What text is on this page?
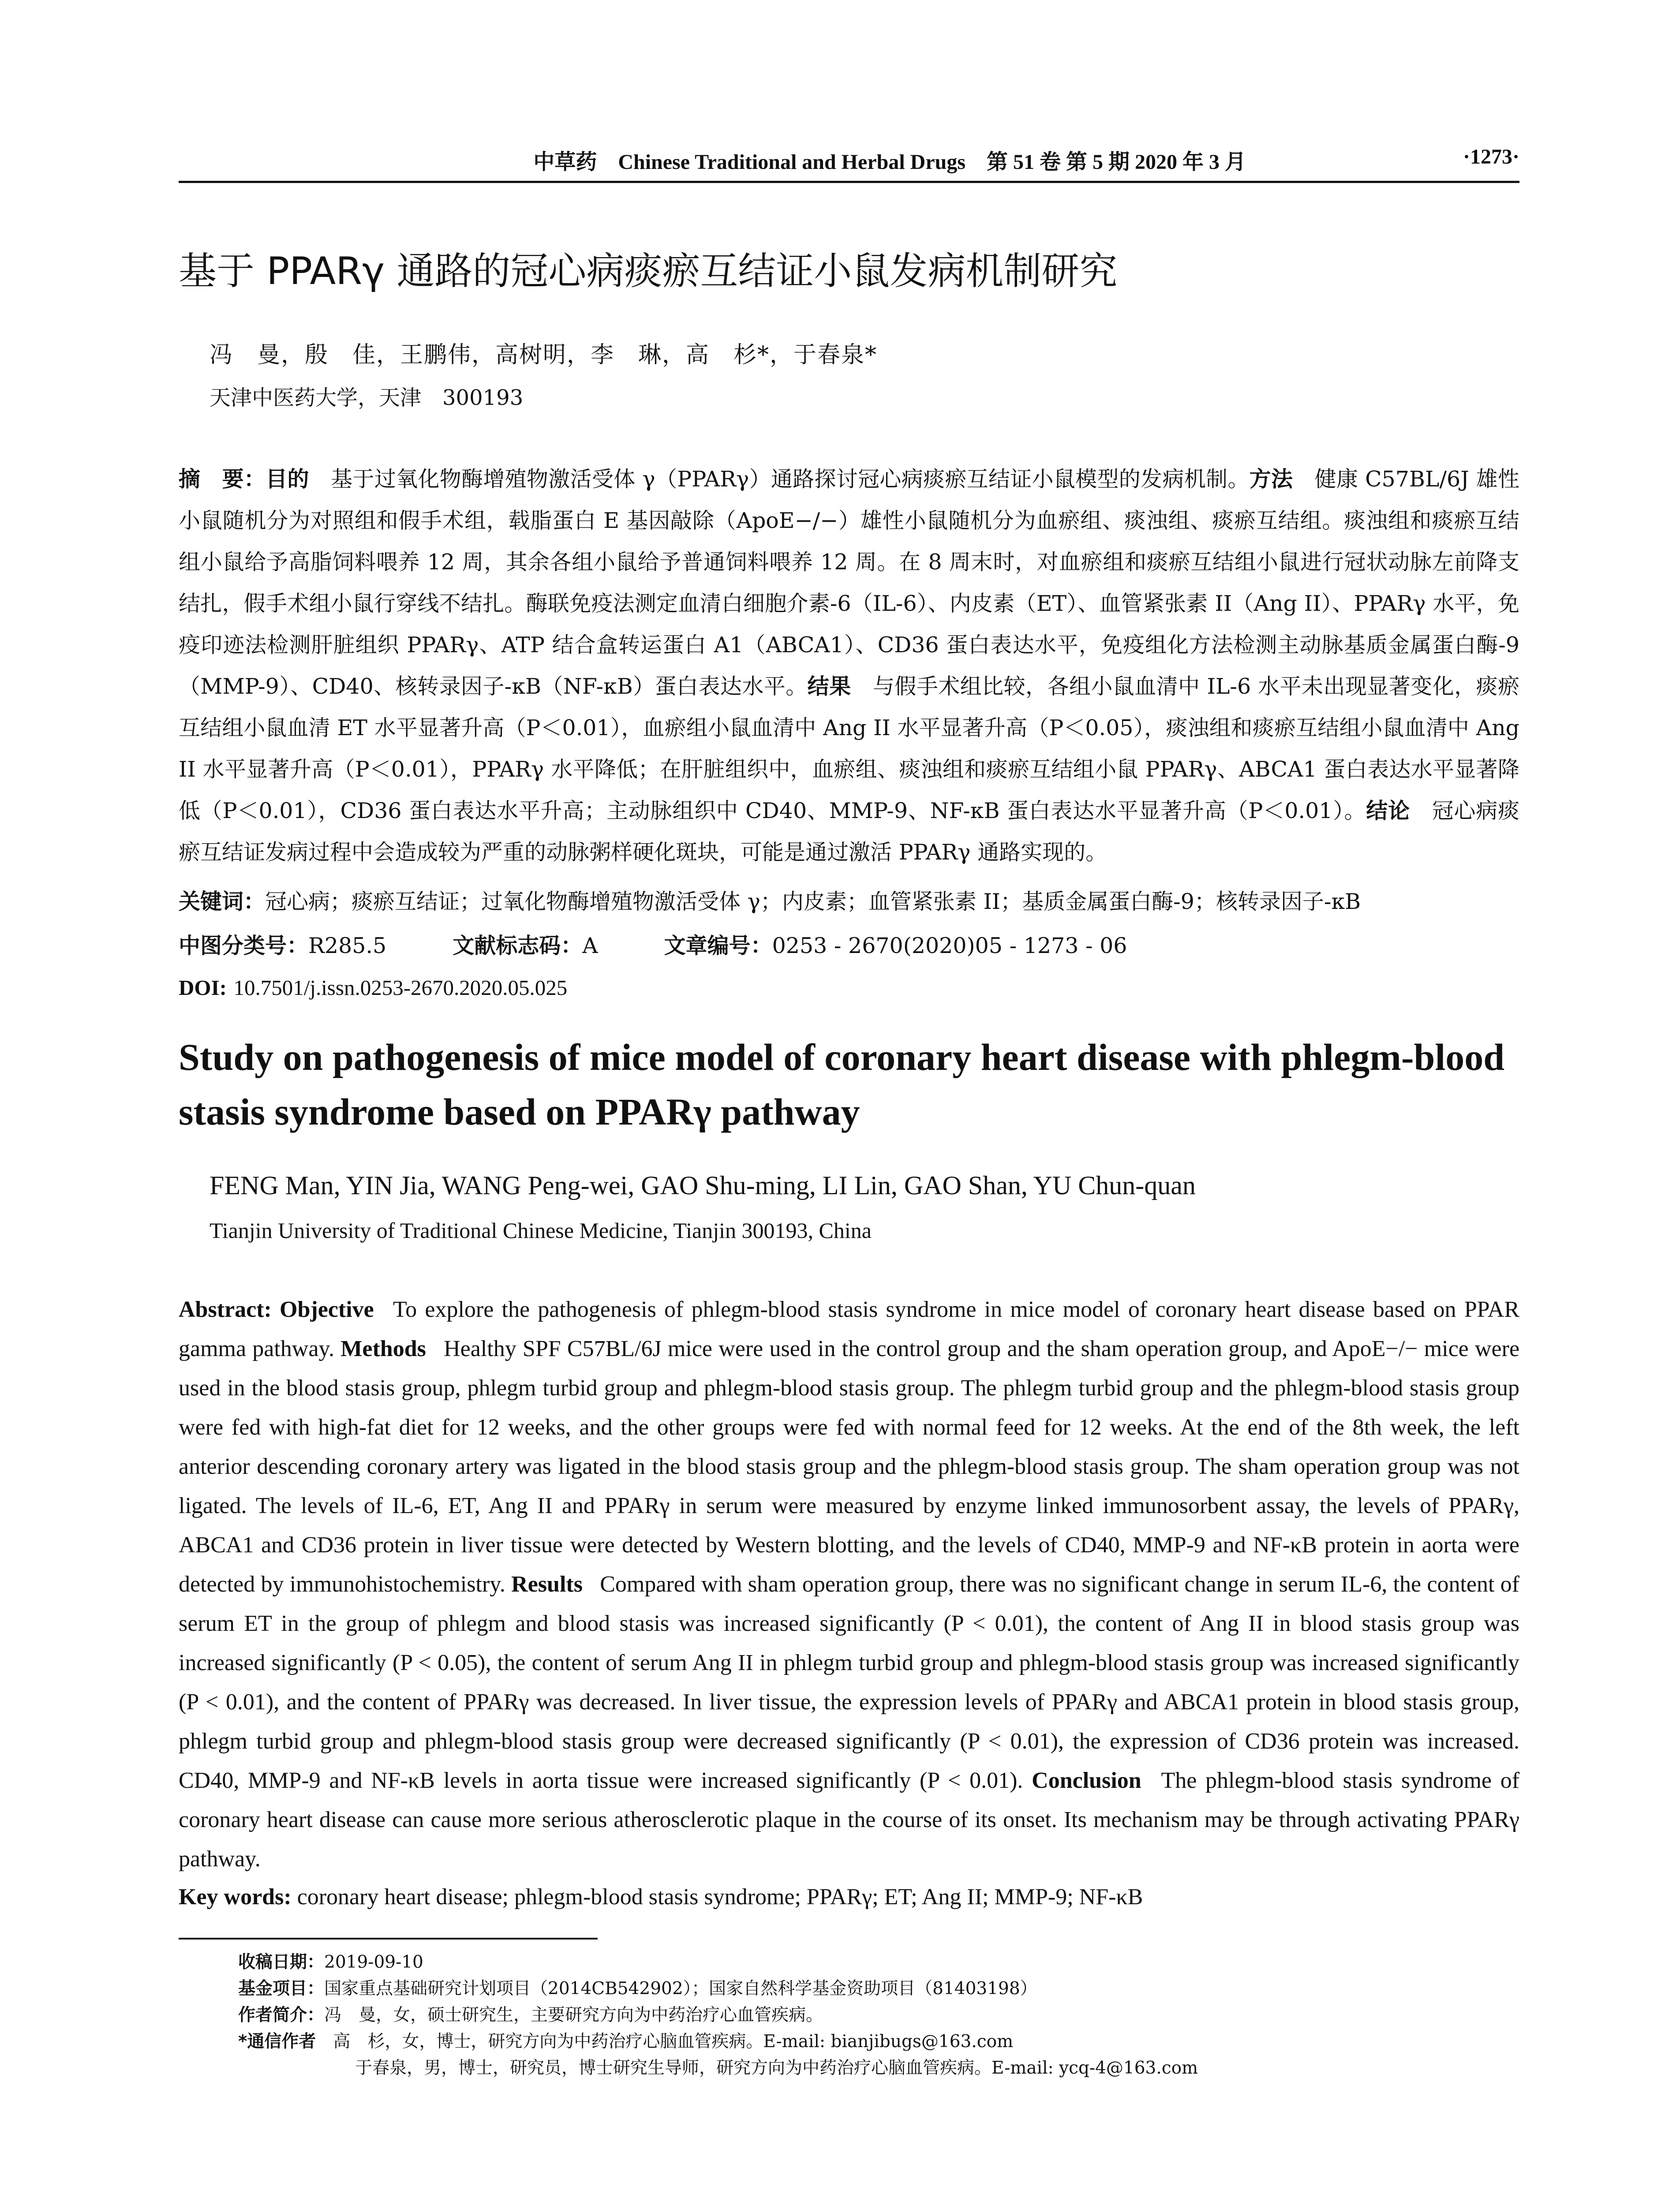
中草药　Chinese Traditional and Herbal Drugs　第 51 卷 第 5 期 2020 年 3 月	·1273·
基于 PPARγ 通路的冠心病痰瘀互结证小鼠发病机制研究
冯　曼，殷　佳，王鹏伟，高树明，李　琳，高　杉*，于春泉*
天津中医药大学，天津　300193
摘　要：目的  基于过氧化物酶增殖物激活受体 γ（PPARγ）通路探讨冠心病痰瘀互结证小鼠模型的发病机制。方法  健康 C57BL/6J 雄性小鼠随机分为对照组和假手术组，载脂蛋白 E 基因敲除（ApoE−/−）雄性小鼠随机分为血瘀组、痰浊组、痰瘀互结组。痰浊组和痰瘀互结组小鼠给予高脂饲料喂养 12 周，其余各组小鼠给予普通饲料喂养 12 周。在 8 周末时，对血瘀组和痰瘀互结组小鼠进行冠状动脉左前降支结扎，假手术组小鼠行穿线不结扎。酶联免疫法测定血清白细胞介素-6（IL-6）、内皮素（ET）、血管紧张素 II（Ang II）、PPARγ 水平，免疫印迹法检测肝脏组织 PPARγ、ATP 结合盒转运蛋白 A1（ABCA1）、CD36 蛋白表达水平，免疫组化方法检测主动脉基质金属蛋白酶-9（MMP-9）、CD40、核转录因子-κB（NF-κB）蛋白表达水平。结果  与假手术组比较，各组小鼠血清中 IL-6 水平未出现显著变化，痰瘀互结组小鼠血清 ET 水平显著升高（P＜0.01），血瘀组小鼠血清中 Ang II 水平显著升高（P＜0.05），痰浊组和痰瘀互结组小鼠血清中 Ang II 水平显著升高（P＜0.01），PPARγ 水平降低；在肝脏组织中，血瘀组、痰浊组和痰瘀互结组小鼠 PPARγ、ABCA1 蛋白表达水平显著降低（P＜0.01），CD36 蛋白表达水平升高；主动脉组织中 CD40、MMP-9、NF-κB 蛋白表达水平显著升高（P＜0.01）。结论  冠心病痰瘀互结证发病过程中会造成较为严重的动脉粥样硬化斑块，可能是通过激活 PPARγ 通路实现的。
关键词：冠心病；痰瘀互结证；过氧化物酶增殖物激活受体 γ；内皮素；血管紧张素 II；基质金属蛋白酶-9；核转录因子-κB
中图分类号：R285.5	文献标志码：A	文章编号：0253 - 2670(2020)05 - 1273 - 06
DOI: 10.7501/j.issn.0253-2670.2020.05.025
Study on pathogenesis of mice model of coronary heart disease with phlegm-blood stasis syndrome based on PPARγ pathway
FENG Man, YIN Jia, WANG Peng-wei, GAO Shu-ming, LI Lin, GAO Shan, YU Chun-quan
Tianjin University of Traditional Chinese Medicine, Tianjin 300193, China
Abstract: Objective  To explore the pathogenesis of phlegm-blood stasis syndrome in mice model of coronary heart disease based on PPAR gamma pathway. Methods  Healthy SPF C57BL/6J mice were used in the control group and the sham operation group, and ApoE−/− mice were used in the blood stasis group, phlegm turbid group and phlegm-blood stasis group. The phlegm turbid group and the phlegm-blood stasis group were fed with high-fat diet for 12 weeks, and the other groups were fed with normal feed for 12 weeks. At the end of the 8th week, the left anterior descending coronary artery was ligated in the blood stasis group and the phlegm-blood stasis group. The sham operation group was not ligated. The levels of IL-6, ET, Ang II and PPARγ in serum were measured by enzyme linked immunosorbent assay, the levels of PPARγ, ABCA1 and CD36 protein in liver tissue were detected by Western blotting, and the levels of CD40, MMP-9 and NF-κB protein in aorta were detected by immunohistochemistry. Results  Compared with sham operation group, there was no significant change in serum IL-6, the content of serum ET in the group of phlegm and blood stasis was increased significantly (P < 0.01), the content of Ang II in blood stasis group was increased significantly (P < 0.05), the content of serum Ang II in phlegm turbid group and phlegm-blood stasis group was increased significantly (P < 0.01), and the content of PPARγ was decreased. In liver tissue, the expression levels of PPARγ and ABCA1 protein in blood stasis group, phlegm turbid group and phlegm-blood stasis group were decreased significantly (P < 0.01), the expression of CD36 protein was increased. CD40, MMP-9 and NF-κB levels in aorta tissue were increased significantly (P < 0.01). Conclusion  The phlegm-blood stasis syndrome of coronary heart disease can cause more serious atherosclerotic plaque in the course of its onset. Its mechanism may be through activating PPARγ pathway.
Key words: coronary heart disease; phlegm-blood stasis syndrome; PPARγ; ET; Ang II; MMP-9; NF-κB
收稿日期：2019-09-10
基金项目：国家重点基础研究计划项目（2014CB542902）；国家自然科学基金资助项目（81403198）
作者简介：冯　曼，女，硕士研究生，主要研究方向为中药治疗心血管疾病。
*通信作者  高　杉，女，博士，研究方向为中药治疗心脑血管疾病。E-mail: bianjibugs@163.com
于春泉，男，博士，研究员，博士研究生导师，研究方向为中药治疗心脑血管疾病。E-mail: ycq-4@163.com
